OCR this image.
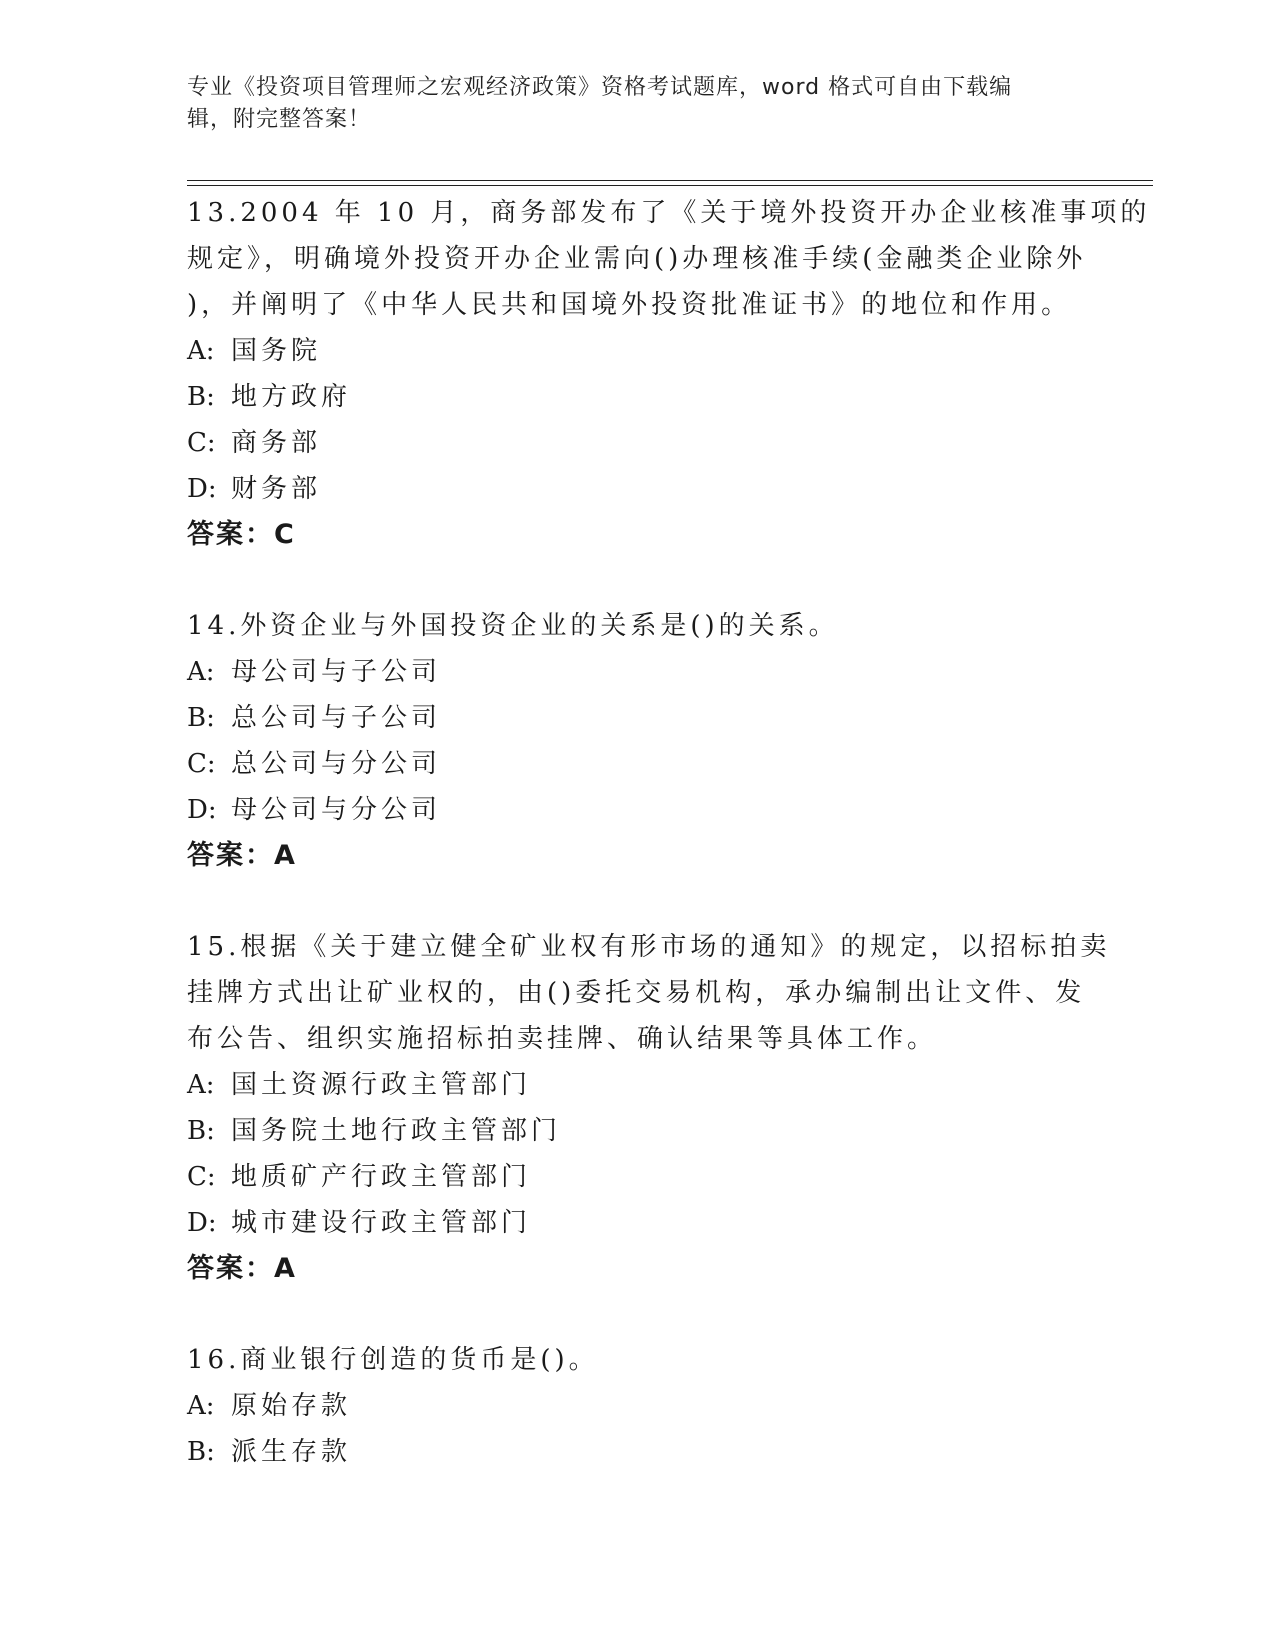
专业《投资项目管理师之宏观经济政策》资格考试题库，word 格式可自由下载编

辑，附完整答案！
13.2004 年 10 月，商务部发布了《关于境外投资开办企业核准事项的
规定》，明确境外投资开办企业需向()办理核准手续(金融类企业除外
)，并阐明了《中华人民共和国境外投资批准证书》的地位和作用。
A: 国务院
B: 地方政府
C: 商务部
D: 财务部
答案：C
14.外资企业与外国投资企业的关系是()的关系。
A: 母公司与子公司
B: 总公司与子公司
C: 总公司与分公司
D: 母公司与分公司
答案：A
15.根据《关于建立健全矿业权有形市场的通知》的规定，以招标拍卖
挂牌方式出让矿业权的，由()委托交易机构，承办编制出让文件、发
布公告、组织实施招标拍卖挂牌、确认结果等具体工作。
A: 国土资源行政主管部门
B: 国务院土地行政主管部门
C: 地质矿产行政主管部门
D: 城市建设行政主管部门
答案：A
16.商业银行创造的货币是()。
A: 原始存款
B: 派生存款
